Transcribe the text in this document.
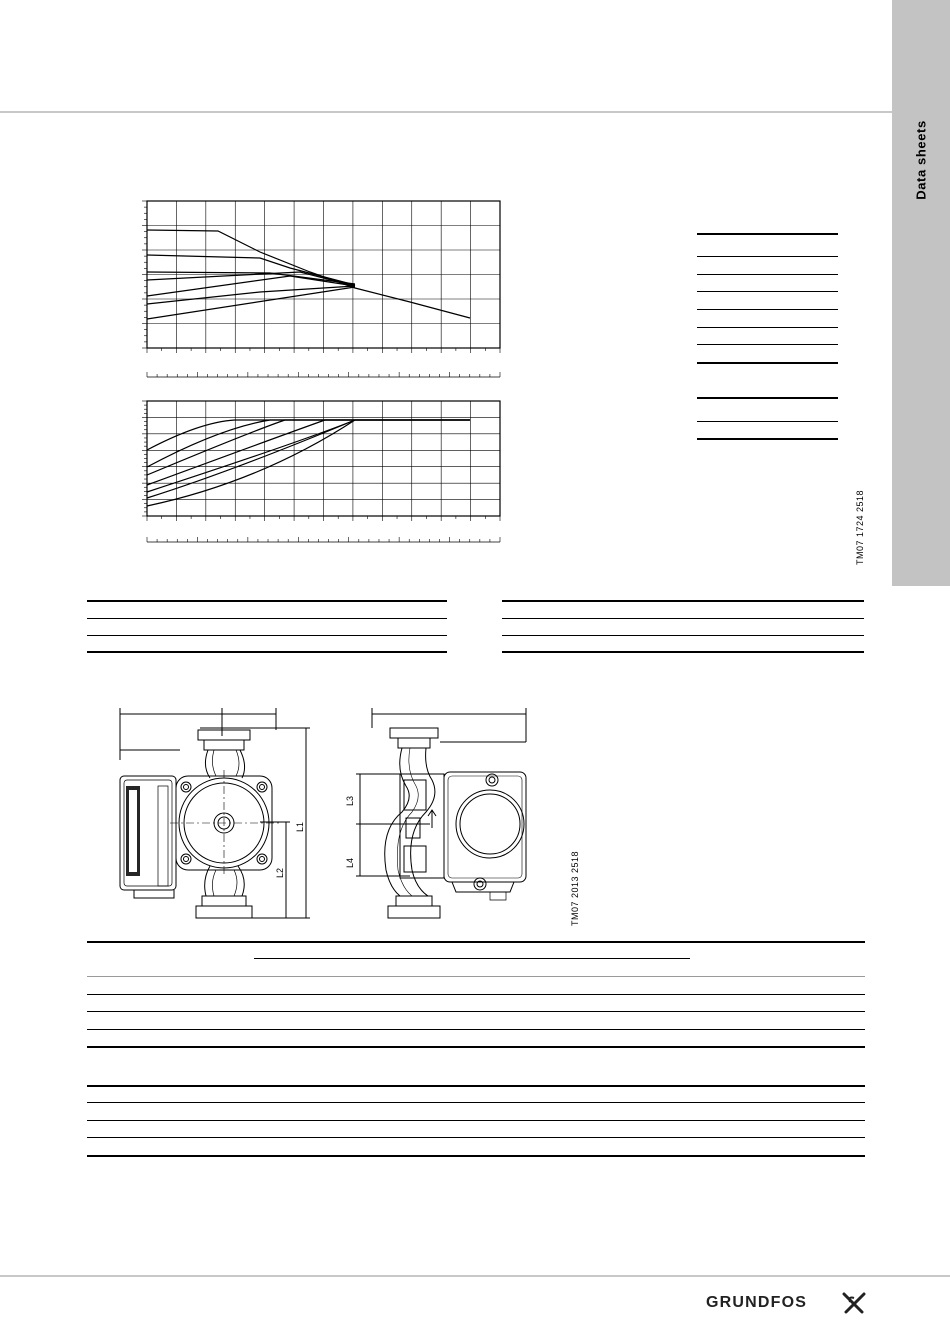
Data sheets
TM07 1724 2518
L1
L2
L3
L4	TM07 2013 2518
GRUNDFOS
